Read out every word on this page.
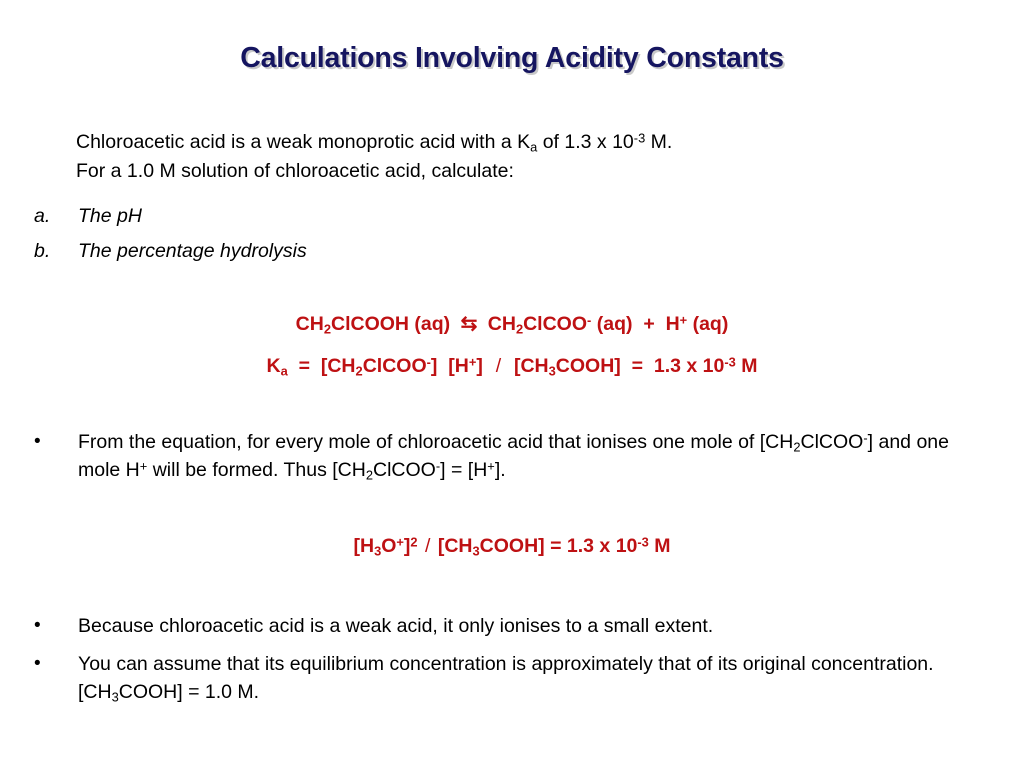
Calculations Involving Acidity Constants
Chloroacetic acid is a weak monoprotic acid with a $K_a$ of 1.3 x $10^{-3}$ M.
For a 1.0 M solution of chloroacetic acid, calculate:
a.	The pH
b.	The percentage hydrolysis
$CH_2ClCOOH$ (aq) ⇆ $CH_2ClCOO^-$ (aq) + H+ (aq)
$K_a$ = $[CH_2ClCOO^-]$ $[H^+] / [CH_3COOH] = 1.3$ x $10^{-3}$ M
•	From the equation, for every mole of chloroacetic acid that ionises one mole of $[CH_2ClCOO^-]$ and one mole H+ will be formed. Thus $[CH_2ClCOO^-] = [H^+]$.
$[H_3O^+]^2$ / $[CH_3COOH] = 1.3$ x $10^{-3}$ M
•	Because chloroacetic acid is a weak acid, it only ionises to a small extent.
•	You can assume that its equilibrium concentration is approximately that of its original concentration. $[CH_3COOH] = 1.0$ M.
